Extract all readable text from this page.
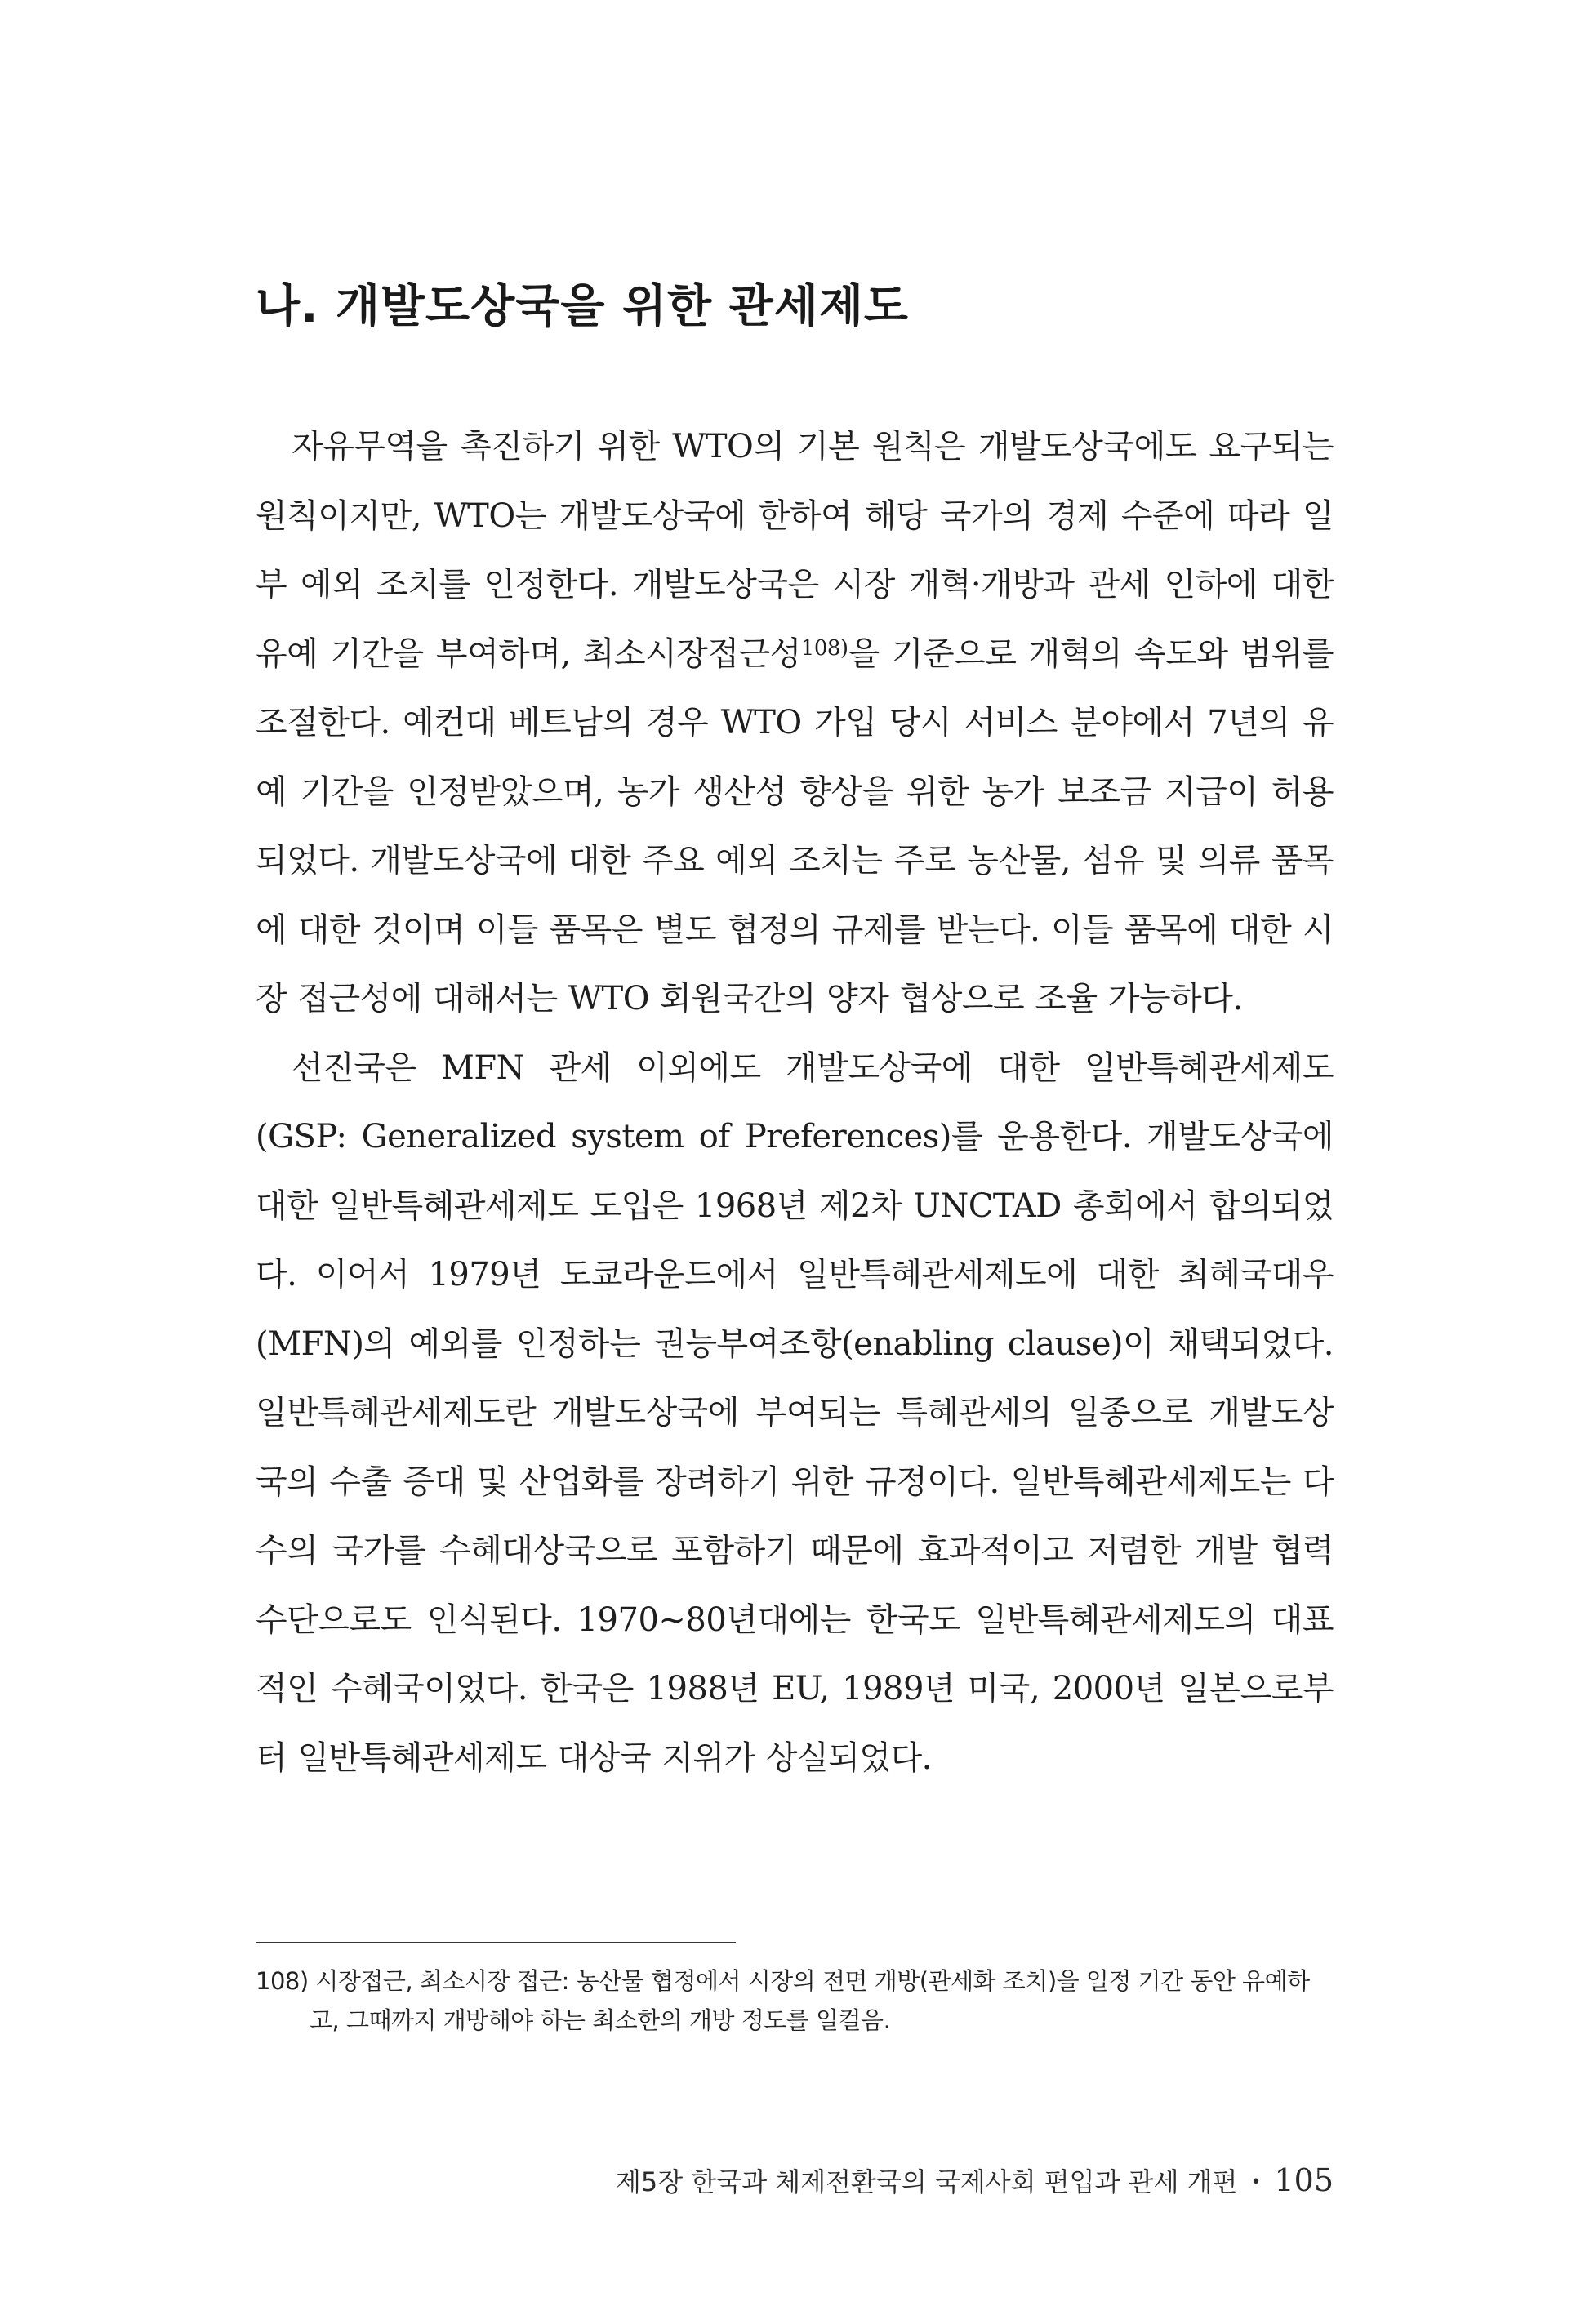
나. 개발도상국을 위한 관세제도

자유무역을 촉진하기 위한 WTO의 기본 원칙은 개발도상국에도 요구되는 원칙이지만, WTO는 개발도상국에 한하여 해당 국가의 경제 수준에 따라 일부 예외 조치를 인정한다. 개발도상국은 시장 개혁·개방과 관세 인하에 대한 유예 기간을 부여하며, 최소시장접근성$^{108)}$을 기준으로 개혁의 속도와 범위를 조절한다. 예컨대 베트남의 경우 WTO 가입 당시 서비스 분야에서 7년의 유예 기간을 인정받았으며, 농가 생산성 향상을 위한 농가 보조금 지급이 허용되었다. 개발도상국에 대한 주요 예외 조치는 주로 농산물, 섬유 및 의류 품목에 대한 것이며 이들 품목은 별도 협정의 규제를 받는다. 이들 품목에 대한 시장 접근성에 대해서는 WTO 회원국간의 양자 협상으로 조율 가능하다.

선진국은 MFN 관세 이외에도 개발도상국에 대한 일반특혜관세제도(GSP: Generalized system of Preferences)를 운용한다. 개발도상국에 대한 일반특혜관세제도 도입은 1968년 제2차 UNCTAD 총회에서 합의되었다. 이어서 1979년 도쿄라운드에서 일반특혜관세제도에 대한 최혜국대우(MFN)의 예외를 인정하는 권능부여조항(enabling clause)이 채택되었다. 일반특혜관세제도란 개발도상국에 부여되는 특혜관세의 일종으로 개발도상국의 수출 증대 및 산업화를 장려하기 위한 규정이다. 일반특혜관세제도는 다수의 국가를 수혜대상국으로 포함하기 때문에 효과적이고 저렴한 개발 협력 수단으로도 인식된다. 1970~80년대에는 한국도 일반특혜관세제도의 대표적인 수혜국이었다. 한국은 1988년 EU, 1989년 미국, 2000년 일본으로부터 일반특혜관세제도 대상국 지위가 상실되었다.

108) 시장접근, 최소시장 접근: 농산물 협정에서 시장의 전면 개방(관세화 조치)을 일정 기간 동안 유예하고, 그때까지 개방해야 하는 최소한의 개방 정도를 일컬음.

제5장 한국과 체제전환국의 국제사회 편입과 관세 개편 • 105
